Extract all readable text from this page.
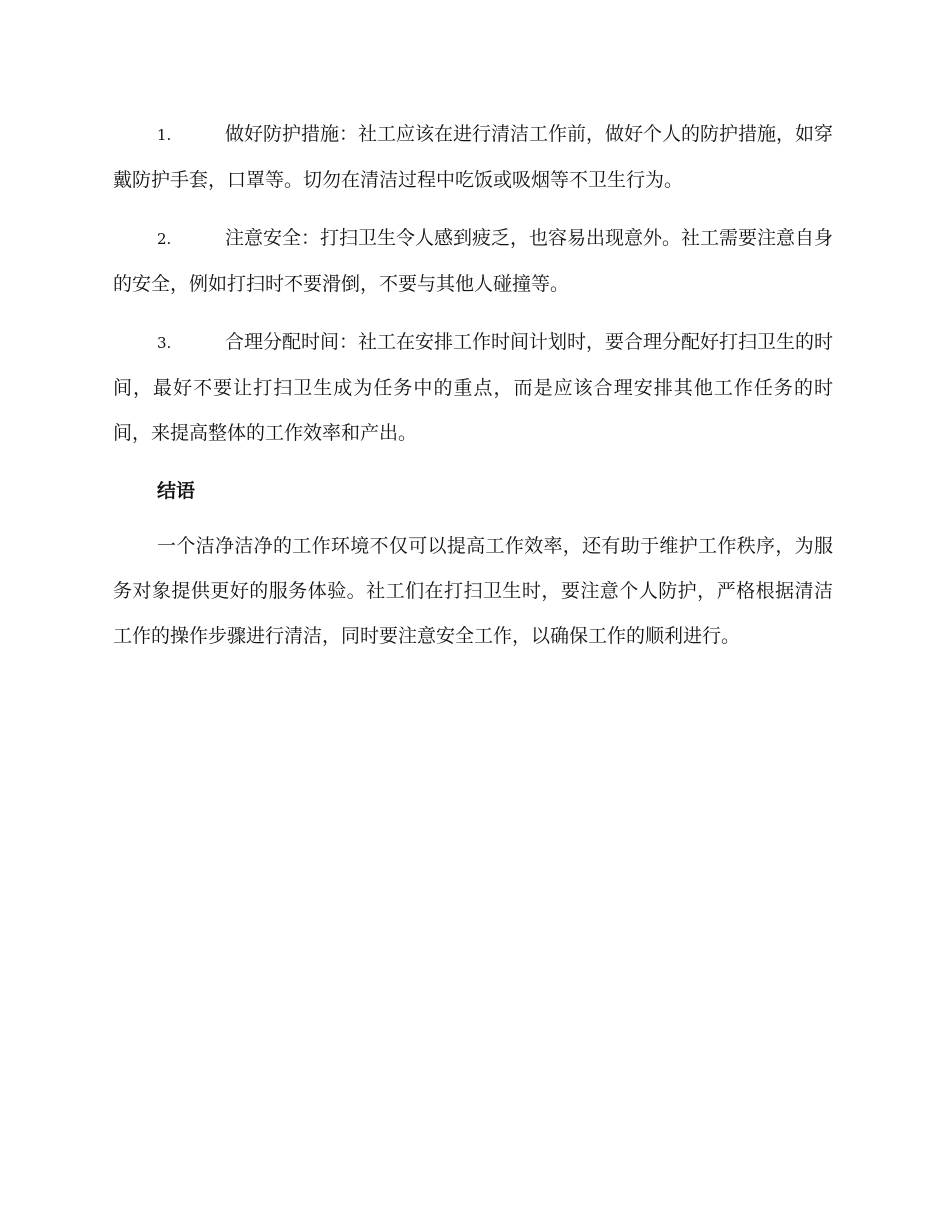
1.	做好防护措施：社工应该在进行清洁工作前，做好个人的防护措施，如穿戴防护手套，口罩等。切勿在清洁过程中吃饭或吸烟等不卫生行为。
2.	注意安全：打扫卫生令人感到疲乏，也容易出现意外。社工需要注意自身的安全，例如打扫时不要滑倒，不要与其他人碰撞等。
3.	合理分配时间：社工在安排工作时间计划时，要合理分配好打扫卫生的时间，最好不要让打扫卫生成为任务中的重点，而是应该合理安排其他工作任务的时间，来提高整体的工作效率和产出。
结语

一个洁净洁净的工作环境不仅可以提高工作效率，还有助于维护工作秩序，为服务对象提供更好的服务体验。社工们在打扫卫生时，要注意个人防护，严格根据清洁工作的操作步骤进行清洁，同时要注意安全工作，以确保工作的顺利进行。
